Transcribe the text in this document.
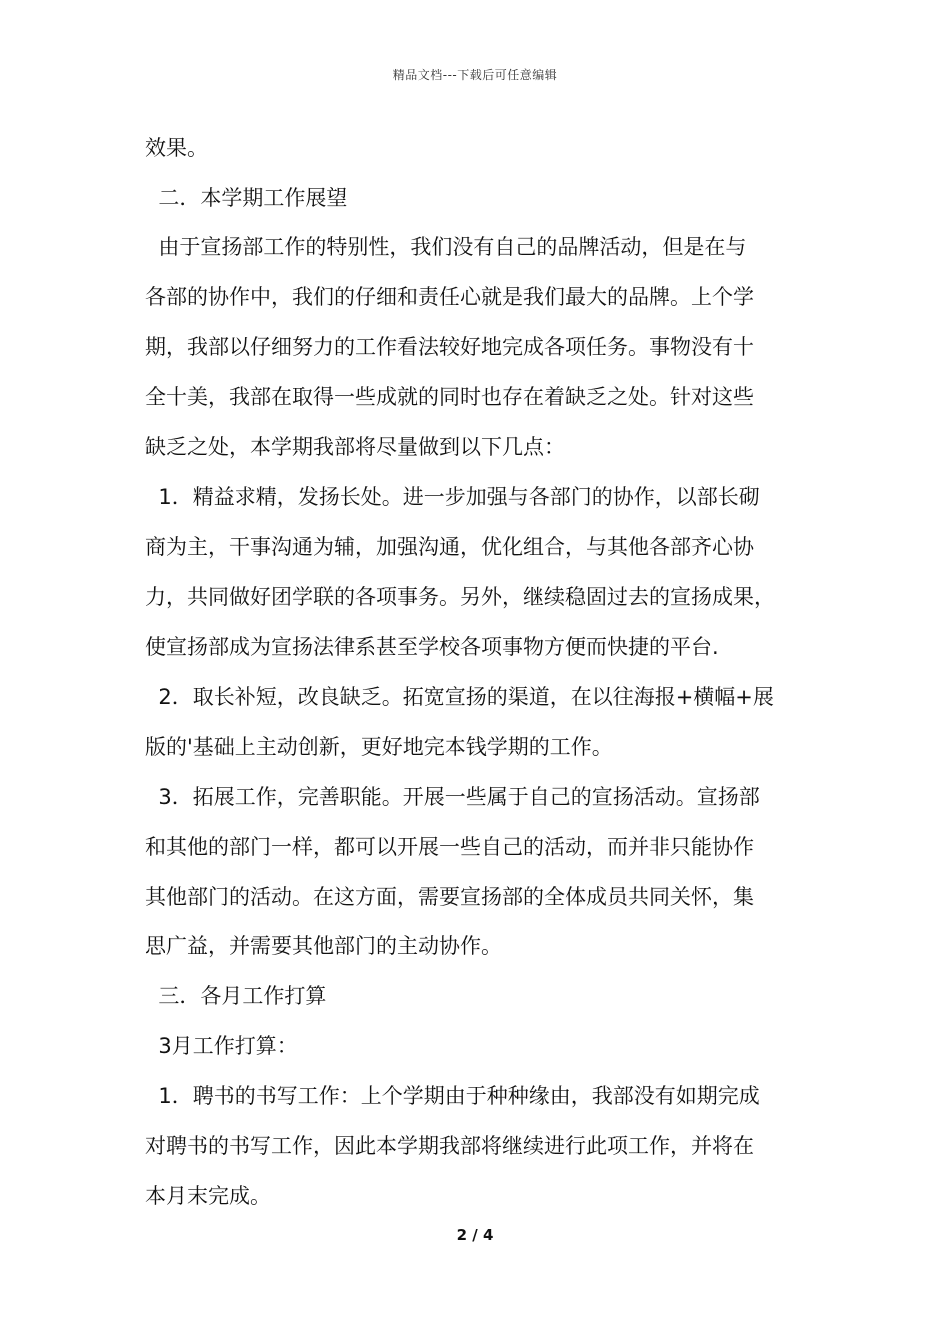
精品文档---下载后可任意编辑
效果。
二．本学期工作展望
由于宣扬部工作的特别性，我们没有自己的品牌活动，但是在与
各部的协作中，我们的仔细和责任心就是我们最大的品牌。上个学
期，我部以仔细努力的工作看法较好地完成各项任务。事物没有十
全十美，我部在取得一些成就的同时也存在着缺乏之处。针对这些
缺乏之处，本学期我部将尽量做到以下几点：
1．精益求精，发扬长处。进一步加强与各部门的协作，以部长砌
商为主，干事沟通为辅，加强沟通，优化组合，与其他各部齐心协
力，共同做好团学联的各项事务。另外，继续稳固过去的宣扬成果，
使宣扬部成为宣扬法律系甚至学校各项事物方便而快捷的平台.
2．取长补短，改良缺乏。拓宽宣扬的渠道，在以往海报+横幅+展
版的'基础上主动创新，更好地完本钱学期的工作。
3．拓展工作，完善职能。开展一些属于自己的宣扬活动。宣扬部
和其他的部门一样，都可以开展一些自己的活动，而并非只能协作
其他部门的活动。在这方面，需要宣扬部的全体成员共同关怀，集
思广益，并需要其他部门的主动协作。
三．各月工作打算
3月工作打算：
1．聘书的书写工作：上个学期由于种种缘由，我部没有如期完成
对聘书的书写工作，因此本学期我部将继续进行此项工作，并将在
本月末完成。
2 / 4
